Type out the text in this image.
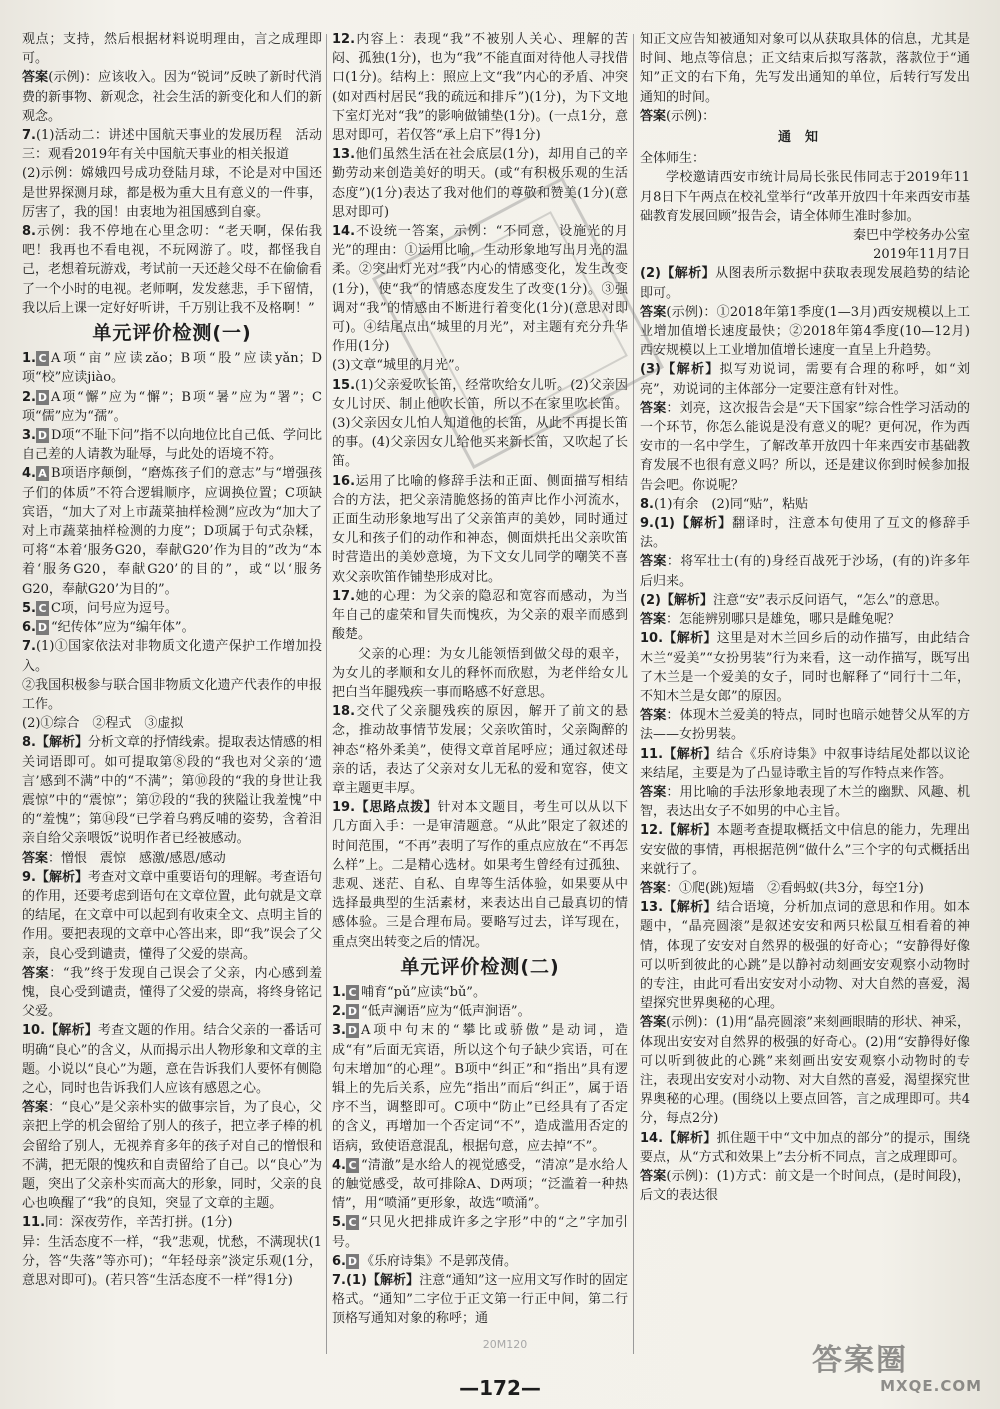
观点；支持，然后根据材料说明理由，言之成理即可。
答案(示例)：应该收入。因为“锐词”反映了新时代消费的新事物、新观念，社会生活的新变化和人们的新观念。
7.(1)活动二：讲述中国航天事业的发展历程　活动三：观看2019年有关中国航天事业的相关报道
(2)示例：嫦娥四号成功登陆月球，不论是对中国还是世界探测月球，都是极为重大且有意义的一件事，厉害了，我的国！由衷地为祖国感到自豪。
8.示例：我不停地在心里念叨：“老天啊，保佑我吧！我再也不看电视，不玩网游了。哎，都怪我自己，老想着玩游戏，考试前一天还趁父母不在偷偷看了一个小时的电视。老师啊，发发慈悲，手下留情，我以后上课一定好好听讲，千万别让我不及格啊！”
单元评价检测(一)
1. C A项“亩”应读zǎo；B项“股”应读yǎn；D项“校”应读jiào。
2. D A项“懈”应为“懈”；B项“暑”应为“署”；C项“儒”应为“孺”。
3. D D项“不耻下问”指不以向地位比自己低、学问比自己差的人请教为耻辱，与此处的语境不符。
4. A B项语序颠倒，“磨炼孩子们的意志”与“增强孩子们的体质”不符合逻辑顺序，应调换位置；C项缺宾语，“加大了对上市蔬菜抽样检测”应改为“加大了对上市蔬菜抽样检测的力度”；D项属于句式杂糅，可将“本着‘服务G20，奉献G20’作为目的”改为“本着‘服务G20，奉献G20’的目的”，或“以‘服务G20，奉献G20’为目的”。
5. C C项，问号应为逗号。
6. D “纪传体”应为“编年体”。
7.(1)①国家依法对非物质文化遗产保护工作增加投入。
②我国积极参与联合国非物质文化遗产代表作的申报工作。
(2)①综合　②程式　③虚拟
8.【解析】分析文章的抒情线索。提取表达情感的相关词语即可。如可提取第⑧段的“我也对父亲的‘遗言’感到不满”中的“不满”；第⑩段的“我的身世让我震惊”中的“震惊”；第⑰段的“我的狭隘让我羞愧”中的“羞愧”；第⑭段“已学着乌鸦反哺的姿势，含着泪亲自给父亲喂饭”说明作者已经被感动。
答案：憎恨　震惊　感激/感恩/感动
9.【解析】考查对文章中重要语句的理解。考查语句的作用，还要考虑到语句在文章位置，此句就是文章的结尾，在文章中可以起到有收束全文、点明主旨的作用。要把表现的文章中心答出来，即“我”误会了父亲，良心受到谴责，懂得了父爱的崇高。
答案：“我”终于发现自己误会了父亲，内心感到羞愧，良心受到谴责，懂得了父爱的崇高，将终身铭记父爱。
10.【解析】考查文题的作用。结合父亲的一番话可明确“良心”的含义，从而揭示出人物形象和文章的主题。小说以“良心”为题，意在告诉我们人要怀有侧隐之心，同时也告诉我们人应该有感恩之心。
答案：“良心”是父亲朴实的做事宗旨，为了良心，父亲把上学的机会留给了别人的孩子，把立孝子棒的机会留给了别人，无视养育多年的孩子对自己的憎恨和不满，把无限的愧疚和自责留给了自己。以“良心”为题，突出了父亲朴实而高大的形象，同时，父亲的良心也唤醒了“我”的良知，突显了文章的主题。
11.同：深夜劳作，辛苦打拼。(1分)
异：生活态度不一样，“我”悲观，忧愁，不满现状(1分，答“失落”等亦可)；“年轻母亲”淡定乐观(1分，意思对即可)。(若只答“生活态度不一样”得1分)
12.内容上：表现“我”不被别人关心、理解的苦闷、孤独(1分)，也为“我”不能直面对待他人寻找借口(1分)。结构上：照应上文“我”内心的矛盾、冲突(如对西村居民“我的疏远和排斥”)(1分)，为下文地下室灯光对“我”的影响做铺垫(1分)。(一点1分，意思对即可，若仅答“承上启下”得1分)
13.他们虽然生活在社会底层(1分)，却用自己的辛勤劳动来创造美好的明天。(或“有积极乐观的生活态度”)(1分)表达了我对他们的尊敬和赞美(1分)(意思对即可)
14.不设统一答案，示例：“不同意，设施光的月光”的理由：①运用比喻，生动形象地写出月光的温柔。②突出灯光对“我”内心的情感变化，发生改变(1分)，使“我”的情感态度发生了改变(1分)。③强调对“我”的情感由不断进行着变化(1分)(意思对即可)。④结尾点出“城里的月光”，对主题有充分升华作用(1分)
(3)文章“城里的月光”。
15.(1)父亲爱吹长笛，经常吹给女儿听。(2)父亲因女儿讨厌、制止他吹长笛，所以不在家里吹长笛。(3)父亲因女儿怕人知道他的长笛，从此不再提长笛的事。(4)父亲因女儿给他买来新长笛，又吹起了长笛。
16.运用了比喻的修辞手法和正面、侧面描写相结合的方法，把父亲清脆悠扬的笛声比作小河流水，正面生动形象地写出了父亲笛声的美妙，同时通过女儿和孩子们的动作和神态，侧面烘托出父亲吹笛时营造出的美妙意境，为下文女儿同学的嘲笑不喜欢父亲吹笛作铺垫形成对比。
17.她的心理：为父亲的隐忍和宽容而感动，为当年自己的虚荣和冒失而愧疚，为父亲的艰辛而感到酸楚。
父亲的心理：为女儿能领悟到做父母的艰辛，为女儿的孝顺和女儿的释怀而欣慰，为老伴给女儿把白当年腿残疾一事而略感不好意思。
18.交代了父亲腿残疾的原因，解开了前文的悬念，推动故事情节发展；父亲吹笛时，父亲陶醉的神态“格外柔美”，使得文章首尾呼应；通过叙述母亲的话，表达了父亲对女儿无私的爱和宽容，使文章主题更丰厚。
19.【思路点拨】针对本文题目，考生可以从以下几方面入手：一是审清题意。“从此”限定了叙述的时间范围，“不再”表明了写作的重点应放在“不再怎么样”上。二是精心选材。如果考生曾经有过孤独、悲观、迷茫、自私、自卑等生活体验，如果要从中选择最典型的生活素材，来表达出自己最真切的情感体验。三是合理布局。要略写过去，详写现在，重点突出转变之后的情况。
单元评价检测(二)
1. C 哺育“pǔ”应读“bǔ”。
2. D “低声澜语”应为“低声涧语”。
3. D A项中句末的“攀比或骄傲”是动词，造成“有”后面无宾语，所以这个句子缺少宾语，可在句末增加“的心理”。B项中“纠正”和“指出”具有逻辑上的先后关系，应先“指出”而后“纠正”，属于语序不当，调整即可。C项中“防止”已经具有了否定的含义，再增加一个否定词“不”，造成滥用否定的语病，致使语意混乱，根据句意，应去掉“不”。
4. C “清澈”是水给人的视觉感受，“清凉”是水给人的触觉感受，故可排除A、D两项；“泛滥着一种热情”，用“喷涌”更形象，故选“喷涌”。
5. C “只见火把排成许多之字形”中的“之”字加引号。
6. D 《乐府诗集》不是郭茂倩。
7.(1)【解析】注意“通知”这一应用文写作时的固定格式。“通知”二字位于正文第一行正中间，第二行顶格写通知对象的称呼；通
知正文应告知被通知对象可以从获取具体的信息，尤其是时间、地点等信息；正文结束后拟写落款，落款位于“通知”正文的右下角，先写发出通知的单位，后转行写发出通知的时间。
答案(示例)：
通知
全体师生：
学校邀请西安市统计局局长张民伟同志于2019年11月8日下午两点在校礼堂举行“改革开放四十年来西安市基础教育发展回顾”报告会，请全体师生准时参加。
秦巴中学校务办公室
2019年11月7日
(2)【解析】从图表所示数据中获取表现发展趋势的结论即可。
答案(示例)：①2018年第1季度(1—3月)西安规模以上工业增加值增长速度最快；②2018年第4季度(10—12月)西安规模以上工业增加值增长速度一直呈上升趋势。
(3)【解析】拟写劝说词，需要有合理的称呼，如“刘亮”，劝说词的主体部分一定要注意有针对性。
答案：刘亮，这次报告会是“天下国家”综合性学习活动的一个环节，你怎么能说是没有意义的呢？更何况，作为西安市的一名中学生，了解改革开放四十年来西安市基础教育发展不也很有意义吗？所以，还是建议你到时候参加报告会吧。你说呢？
8.(1)有余　(2)同“贴”，粘贴
9.(1)【解析】翻译时，注意本句使用了互文的修辞手法。
答案：将军壮士(有的)身经百战死于沙场，(有的)许多年后归来。
(2)【解析】注意“安”表示反问语气，“怎么”的意思。
答案：怎能辨别哪只是雄兔，哪只是雌兔呢？
10.【解析】这里是对木兰回乡后的动作描写，由此结合木兰“爱美”“女扮男装”行为来看，这一动作描写，既写出了木兰是一个爱美的女子，同时也解释了“同行十二年，不知木兰是女郎”的原因。
答案：体现木兰爱美的特点，同时也暗示她替父从军的方法——女扮男装。
11.【解析】结合《乐府诗集》中叙事诗结尾处都以议论来结尾，主要是为了凸显诗歌主旨的写作特点来作答。
答案：用比喻的手法形象地表现了木兰的幽默、风趣、机智，表达出女子不如男的中心主旨。
12.【解析】本题考查提取概括文中信息的能力，先理出安安做的事情，再根据范例“做什么”三个字的句式概括出来就行了。
答案：①爬(跳)短墙　②看蚂蚁(共3分，每空1分)
13.【解析】结合语境，分析加点词的意思和作用。如本题中，“晶亮圆滚”是叙述安安和两只松鼠互相看着的神情，体现了安安对自然界的极强的好奇心；“安静得好像可以听到彼此的心跳”是以静衬动刻画安安观察小动物时的专注，由此可看出安安对小动物、对大自然的喜爱，渴望探究世界奥秘的心理。
答案(示例)：(1)用“晶亮圆滚”来刻画眼睛的形状、神采，体现出安安对自然界的极强的好奇心。(2)用“安静得好像可以听到彼此的心跳”来刻画出安安观察小动物时的专注，表现出安安对小动物、对大自然的喜爱，渴望探究世界奥秘的心理。(围绕以上要点回答，言之成理即可。共4分，每点2分)
14.【解析】抓住题干中“文中加点的部分”的提示，围绕要点，从“方式和效果上”去分析不同点，言之成理即可。
答案(示例)：(1)方式：前文是一个时间点，(是时间段)，后文的表达很
20M120
—172—
答案圈
MXQE.COM
